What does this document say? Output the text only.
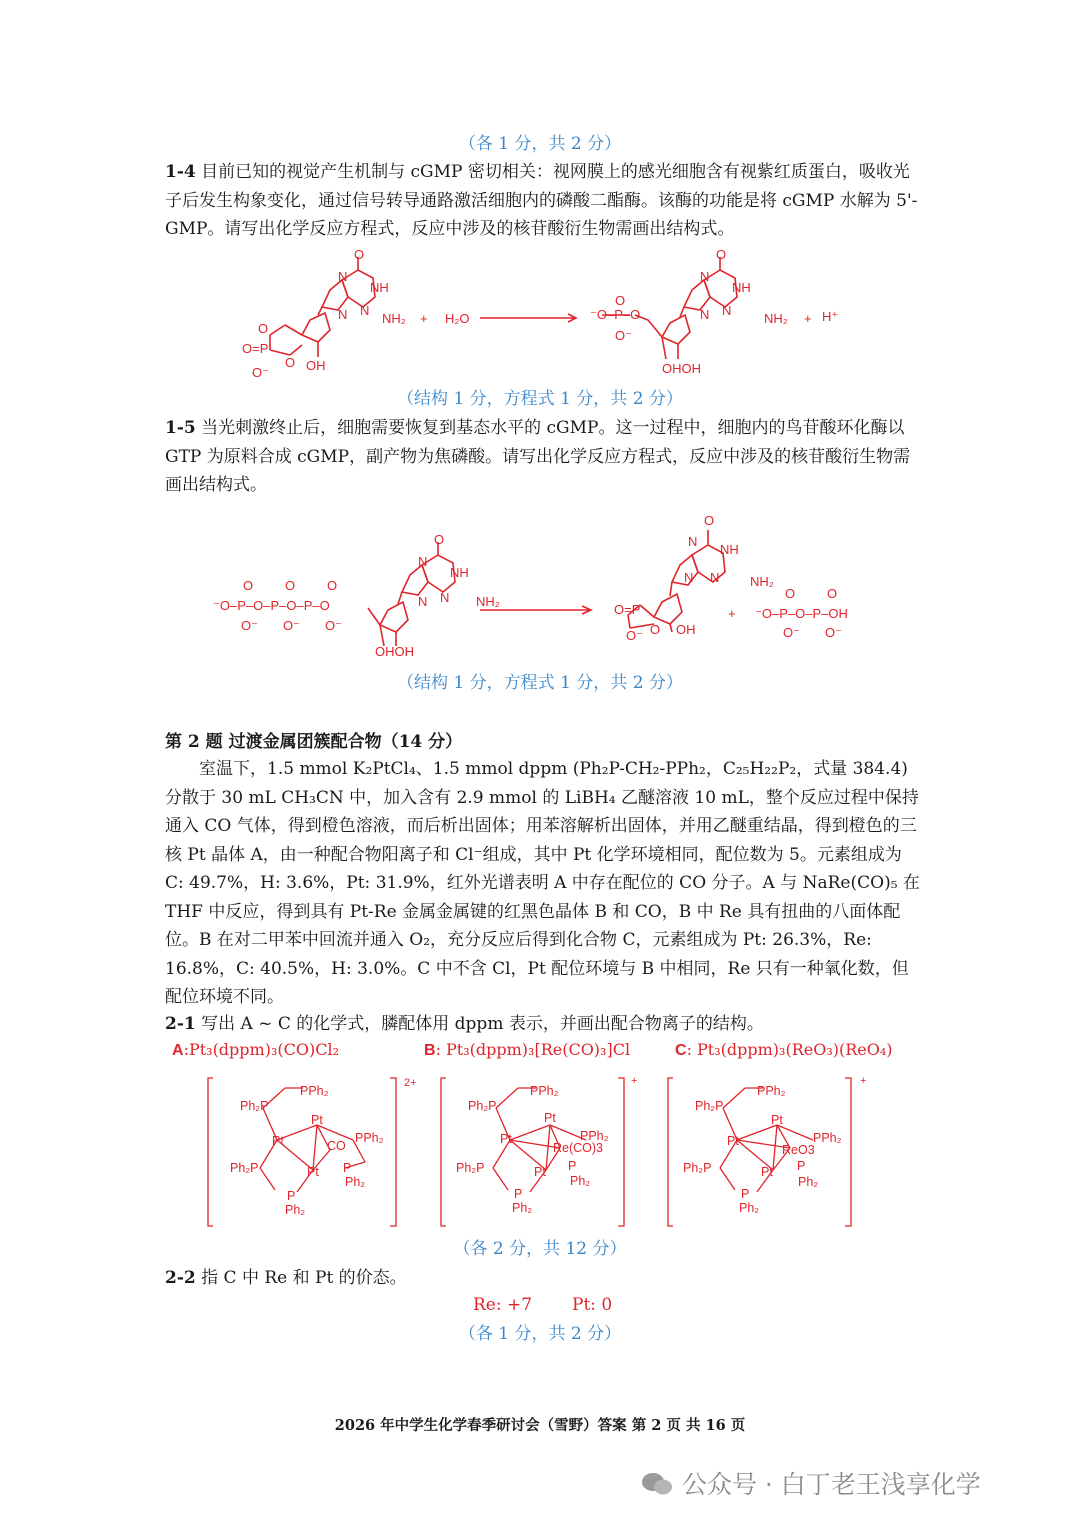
（各 1 分，共 2 分）

1-4 目前已知的视觉产生机制与 cGMP 密切相关：视网膜上的感光细胞含有视紫红质蛋白，吸收光子后发生构象变化，通过信号转导通路激活细胞内的磷酸二酯酶。该酶的功能是将 cGMP 水解为 5'-GMP。请写出化学反应方程式，反应中涉及的核苷酸衍生物需画出结构式。

O
N
NH
N
N	NH₂
O
O=P
O⁻
O OH
+ H₂O
O
N
NH
N
N	NH₂ + H⁺
O
⁻O–P–O
O⁻
OHOH
（结构 1 分，方程式 1 分，共 2 分）

1-5 当光刺激终止后，细胞需要恢复到基态水平的 cGMP。这一过程中，细胞内的鸟苷酸环化酶以 GTP 为原料合成 cGMP，副产物为焦磷酸。请写出化学反应方程式，反应中涉及的核苷酸衍生物需画出结构式。

⁻O–P–O–P–O–P–O
O O O
O⁻ O⁻ O⁻
O
N
NH
N
N	NH₂
OHOH
O
N
NH
N
N	NH₂
O=P
O⁻ O OH
+ ⁻O–P–O–P–OH
O O
O⁻ O⁻
（结构 1 分，方程式 1 分，共 2 分）
第 2 题 过渡金属团簇配合物（14 分）

室温下，1.5 mmol K₂PtCl₄、1.5 mmol dppm (Ph₂P-CH₂-PPh₂，C₂₅H₂₂P₂，式量 384.4)分散于 30 mL CH₃CN 中，加入含有 2.9 mmol 的 LiBH₄ 乙醚溶液 10 mL，整个反应过程中保持通入 CO 气体，得到橙色溶液，而后析出固体；用苯溶解析出固体，并用乙醚重结晶，得到橙色的三核 Pt 晶体 A，由一种配合物阳离子和 Cl⁻组成，其中 Pt 化学环境相同，配位数为 5。元素组成为 C: 49.7%，H: 3.6%，Pt: 31.9%，红外光谱表明 A 中存在配位的 CO 分子。A 与 NaRe(CO)₅ 在 THF 中反应，得到具有 Pt-Re 金属金属键的红黑色晶体 B 和 CO，B 中 Re 具有扭曲的八面体配位。B 在对二甲苯中回流并通入 O₂，充分反应后得到化合物 C，元素组成为 Pt: 26.3%，Re: 16.8%，C: 40.5%，H: 3.0%。C 中不含 Cl，Pt 配位环境与 B 中相同，Re 只有一种氧化数，但配位环境不同。

2-1 写出 A ~ C 的化学式，膦配体用 dppm 表示，并画出配合物离子的结构。

A:Pt₃(dppm)₃(CO)Cl₂	B: Pt₃(dppm)₃[Re(CO)₃]Cl	C: Pt₃(dppm)₃(ReO₃)(ReO₄)
Ph₂P
PPh₂
Pt
Pt	PPh₂
CO
Ph₂P	Pt P
Ph₂
P
Ph₂
2+
Ph₂P
PPh₂
Pt
Pt	PPh₂
Re(CO)3
Ph₂P	Pt P
Ph₂
P
Ph₂
+
Ph₂P
PPh₂
Pt
Pt	PPh₂
ReO3
Ph₂P	Pt P
Ph₂
P
Ph₂
+
（各 2 分，共 12 分）

2-2 指 C 中 Re 和 Pt 的价态。

Re: +7 Pt: 0
（各 1 分，共 2 分）
2026 年中学生化学春季研讨会（雪野）答案 第 2 页 共 16 页
公众号 · 白丁老王浅享化学
